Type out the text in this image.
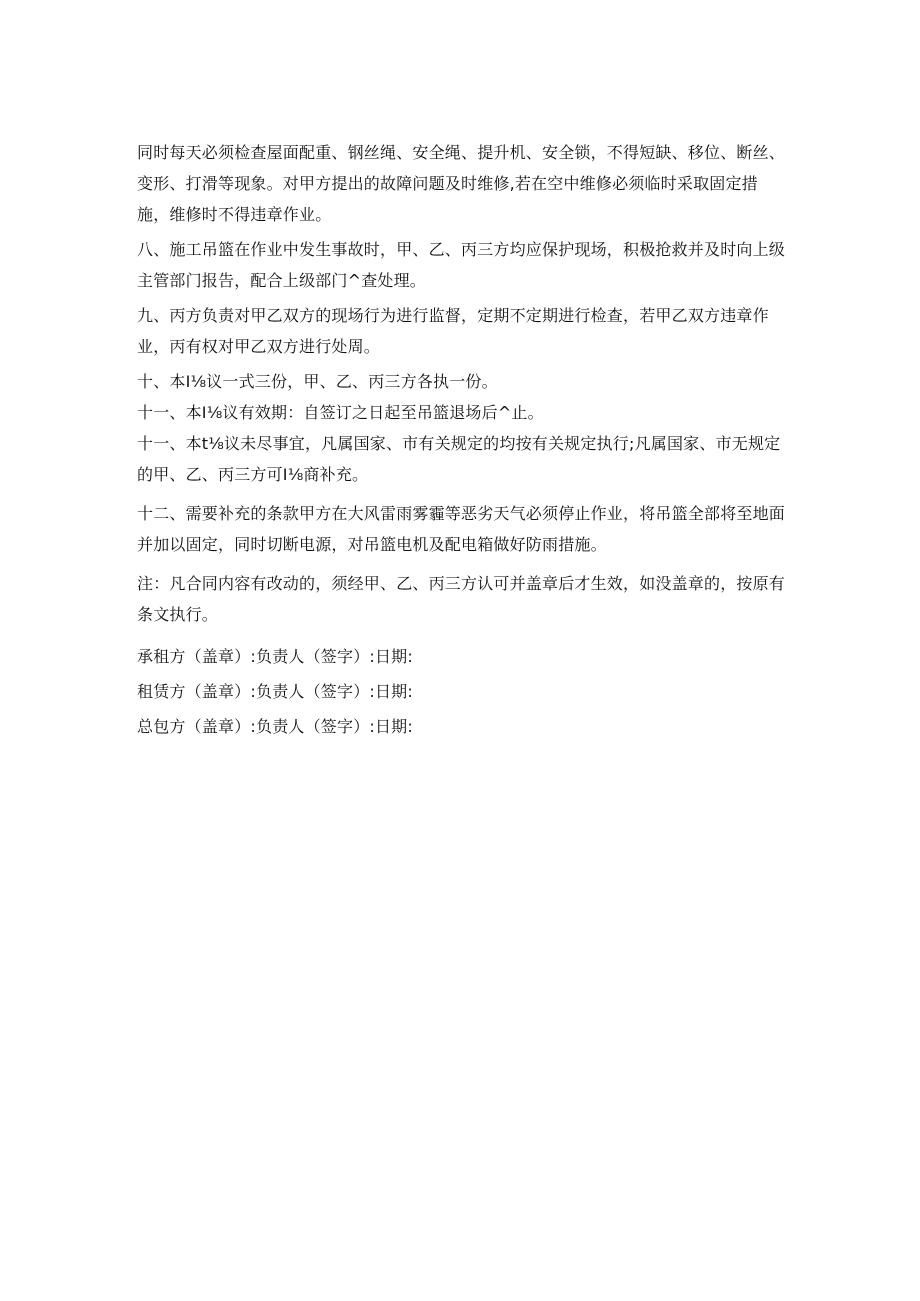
同时每天必须检查屋面配重、钢丝绳、安全绳、提升机、安全锁，不得短缺、移位、断丝、变形、打滑等现象。对甲方提出的故障问题及时维修,若在空中维修必须临时采取固定措施，维修时不得违章作业。

八、施工吊篮在作业中发生事故时，甲、乙、丙三方均应保护现场，积极抢救并及时向上级主管部门报告，配合上级部门^查处理。

九、丙方负责对甲乙双方的现场行为进行监督，定期不定期进行检查，若甲乙双方违章作业，丙有权对甲乙双方进行处周。

十、本I⅛议一式三份，甲、乙、丙三方各执一份。

十一、本I⅛议有效期：自签订之日起至吊篮退场后^止。

十一、本t⅛议未尽事宜，凡属国家、市有关规定的均按有关规定执行;凡属国家、市无规定的甲、乙、丙三方可I⅛商补充。

十二、需要补充的条款甲方在大风雷雨雾霾等恶劣天气必须停止作业，将吊篮全部将至地面并加以固定，同时切断电源，对吊篮电机及配电箱做好防雨措施。

注：凡合同内容有改动的，须经甲、乙、丙三方认可并盖章后才生效，如没盖章的，按原有条文执行。

承租方（盖章）:负责人（签字）:日期:

租赁方（盖章）:负责人（签字）:日期:

总包方（盖章）:负责人（签字）:日期:
